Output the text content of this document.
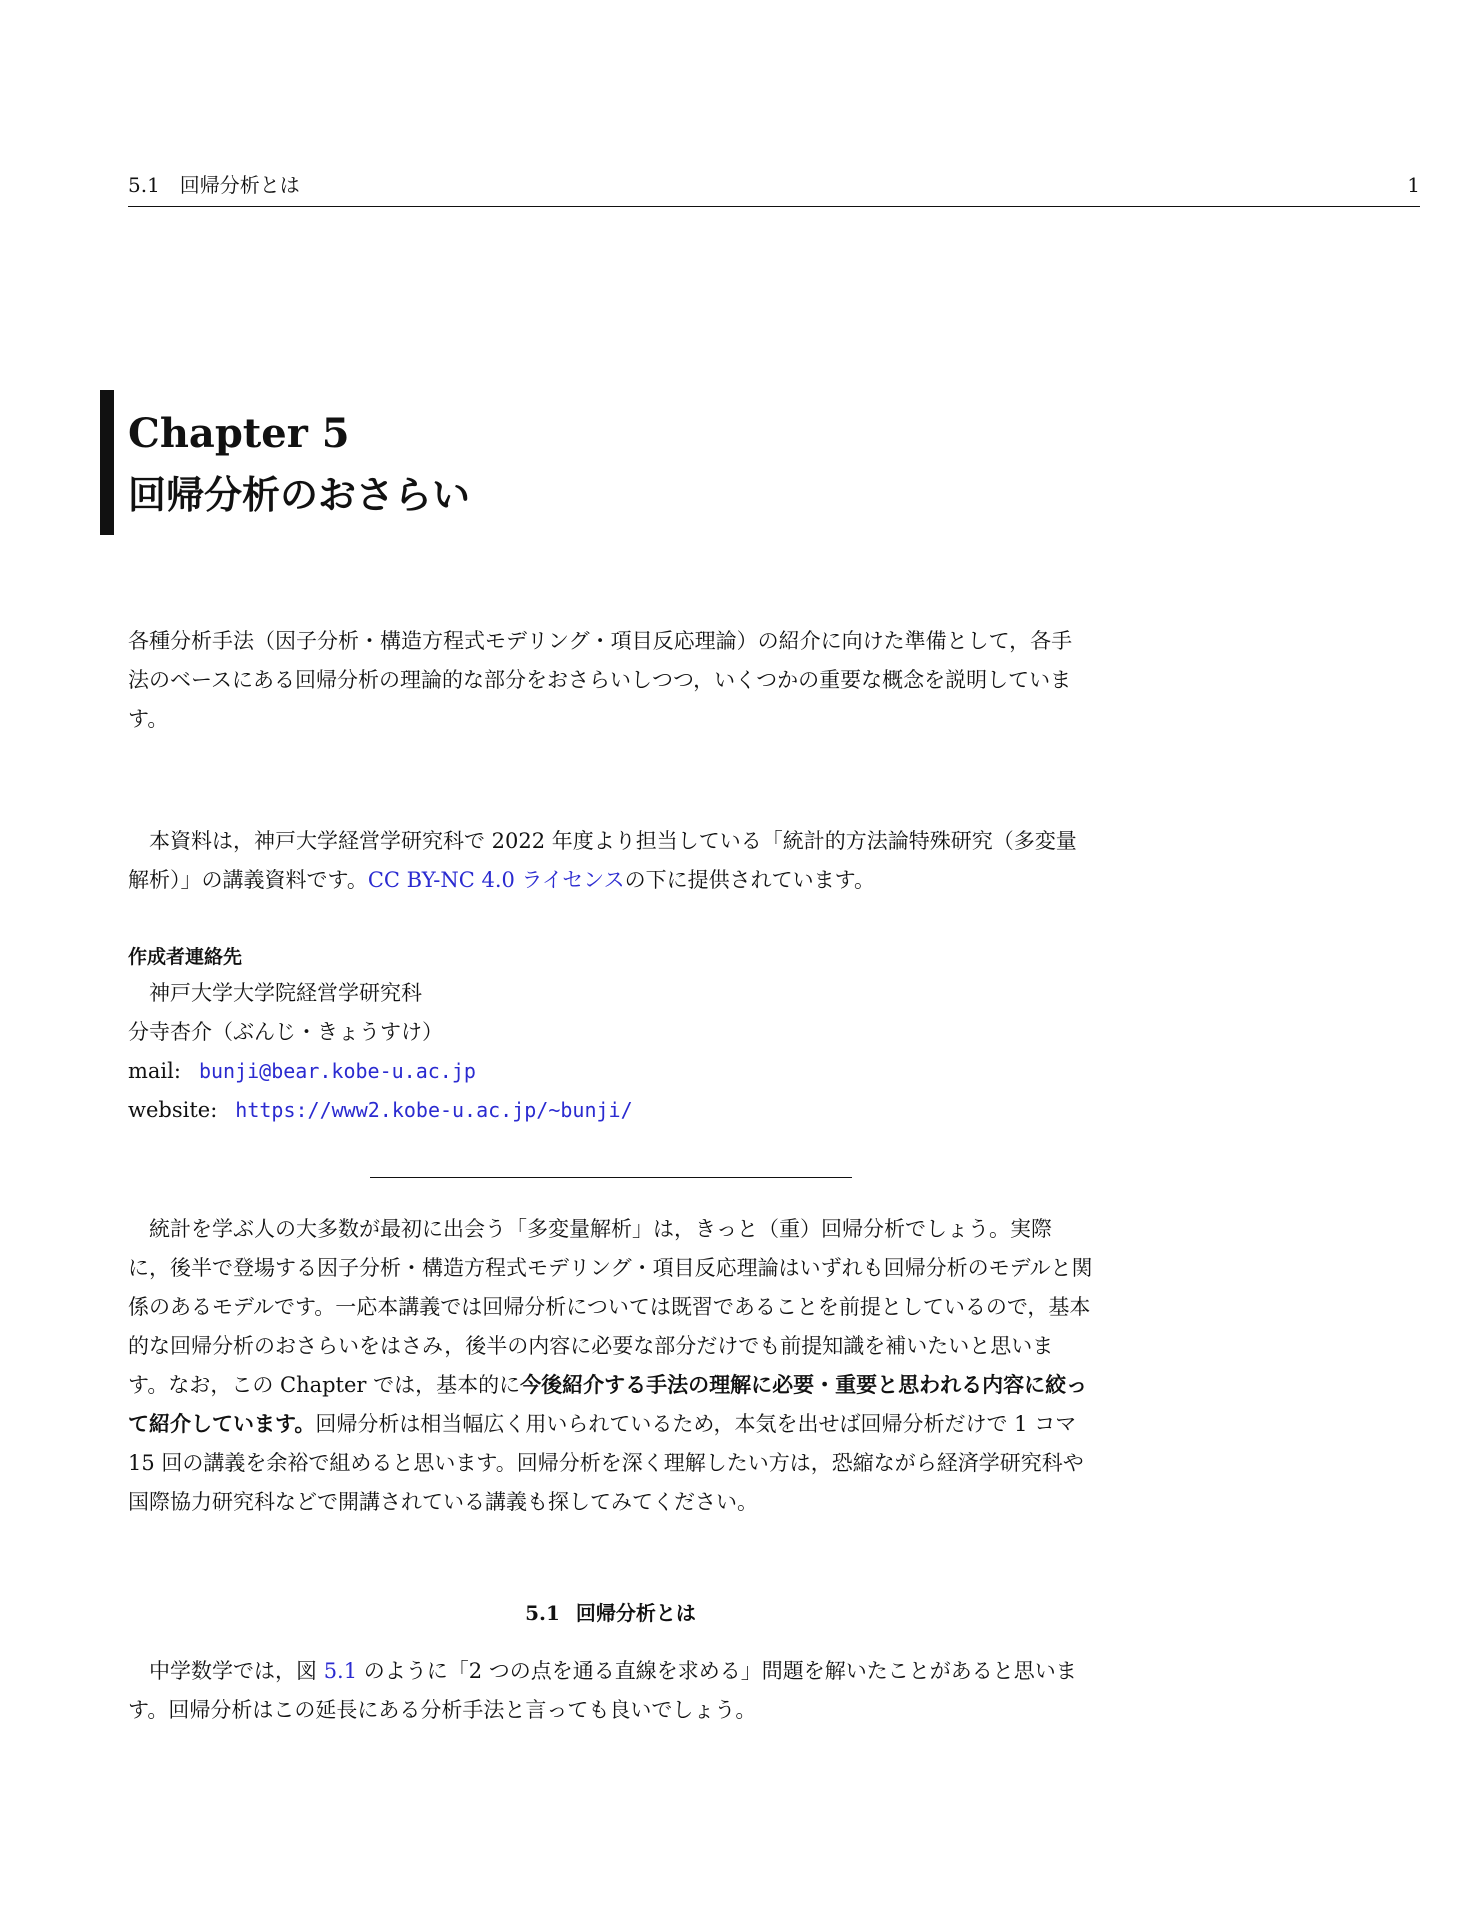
5.1　回帰分析とは	1
Chapter 5
回帰分析のおさらい

各種分析手法（因子分析・構造方程式モデリング・項目反応理論）の紹介に向けた準備として，各手法のベースにある回帰分析の理論的な部分をおさらいしつつ，いくつかの重要な概念を説明しています。

本資料は，神戸大学経営学研究科で 2022 年度より担当している「統計的方法論特殊研究（多変量解析）」の講義資料です。CC BY-NC 4.0 ライセンスの下に提供されています。

作成者連絡先

神戸大学大学院経営学研究科

分寺杏介（ぶんじ・きょうすけ）

mail: bunji@bear.kobe-u.ac.jp

website: https://www2.kobe-u.ac.jp/~bunji/

統計を学ぶ人の大多数が最初に出会う「多変量解析」は，きっと（重）回帰分析でしょう。実際に，後半で登場する因子分析・構造方程式モデリング・項目反応理論はいずれも回帰分析のモデルと関係のあるモデルです。一応本講義では回帰分析については既習であることを前提としているので，基本的な回帰分析のおさらいをはさみ，後半の内容に必要な部分だけでも前提知識を補いたいと思います。なお，この Chapter では，基本的に今後紹介する手法の理解に必要・重要と思われる内容に絞って紹介しています。回帰分析は相当幅広く用いられているため，本気を出せば回帰分析だけで 1 コマ 15 回の講義を余裕で組めると思います。回帰分析を深く理解したい方は，恐縮ながら経済学研究科や国際協力研究科などで開講されている講義も探してみてください。

5.1 回帰分析とは

中学数学では，図 5.1 のように「2 つの点を通る直線を求める」問題を解いたことがあると思います。回帰分析はこの延長にある分析手法と言っても良いでしょう。
